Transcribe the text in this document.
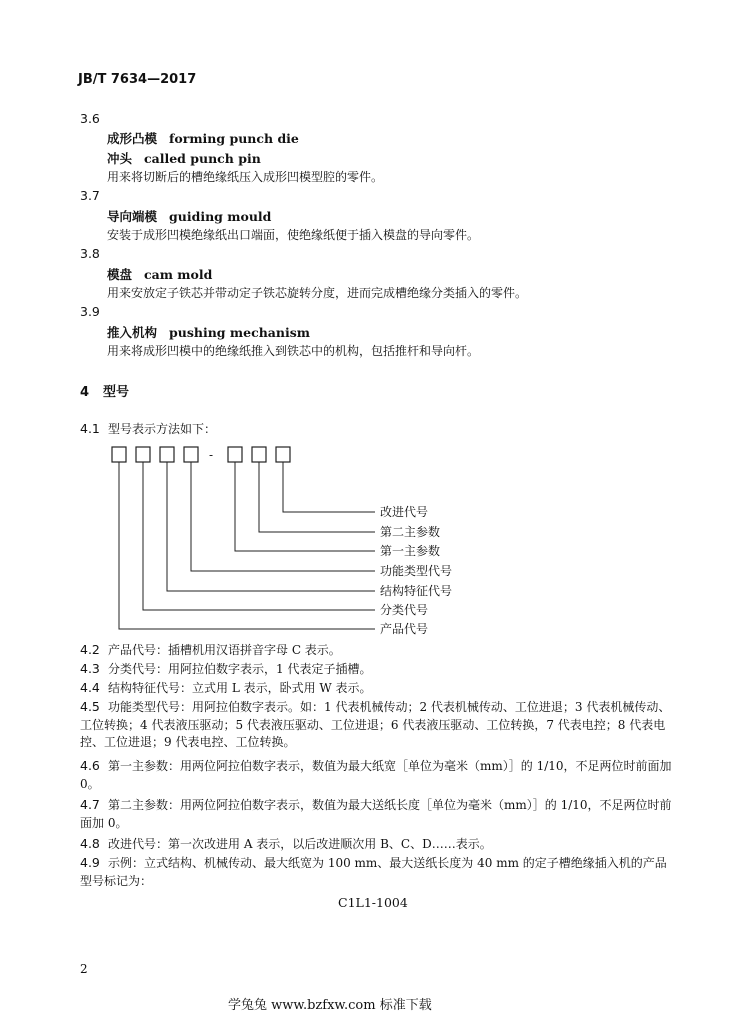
JB/T 7634—2017
3.6
成形凸模 forming punch die
冲头 called punch pin
用来将切断后的槽绝缘纸压入成形凹模型腔的零件。
3.7
导向端模 guiding mould
安装于成形凹模绝缘纸出口端面，使绝缘纸便于插入模盘的导向零件。
3.8
模盘 cam mold
用来安放定子铁芯并带动定子铁芯旋转分度，进而完成槽绝缘分类插入的零件。
3.9
推入机构 pushing mechanism
用来将成形凹模中的绝缘纸推入到铁芯中的机构，包括推杆和导向杆。
4 型号
4.1 型号表示方法如下：
-
改进代号
第二主参数
第一主参数
功能类型代号
结构特征代号
分类代号
产品代号
4.2 产品代号：插槽机用汉语拼音字母 C 表示。
4.3 分类代号：用阿拉伯数字表示，1 代表定子插槽。
4.4 结构特征代号：立式用 L 表示，卧式用 W 表示。
4.5 功能类型代号：用阿拉伯数字表示。如：1 代表机械传动；2 代表机械传动、工位进退；3 代表机械传动、工位转换；4 代表液压驱动；5 代表液压驱动、工位进退；6 代表液压驱动、工位转换，7 代表电控；8 代表电控、工位进退；9 代表电控、工位转换。
4.6 第一主参数：用两位阿拉伯数字表示，数值为最大纸宽［单位为毫米（mm）］的 1/10，不足两位时前面加 0。
4.7 第二主参数：用两位阿拉伯数字表示，数值为最大送纸长度［单位为毫米（mm）］的 1/10，不足两位时前面加 0。
4.8 改进代号：第一次改进用 A 表示，以后改进顺次用 B、C、D……表示。
4.9 示例：立式结构、机械传动、最大纸宽为 100 mm、最大送纸长度为 40 mm 的定子槽绝缘插入机的产品型号标记为：
C1L1-1004
2
学兔兔 www.bzfxw.com 标准下载
